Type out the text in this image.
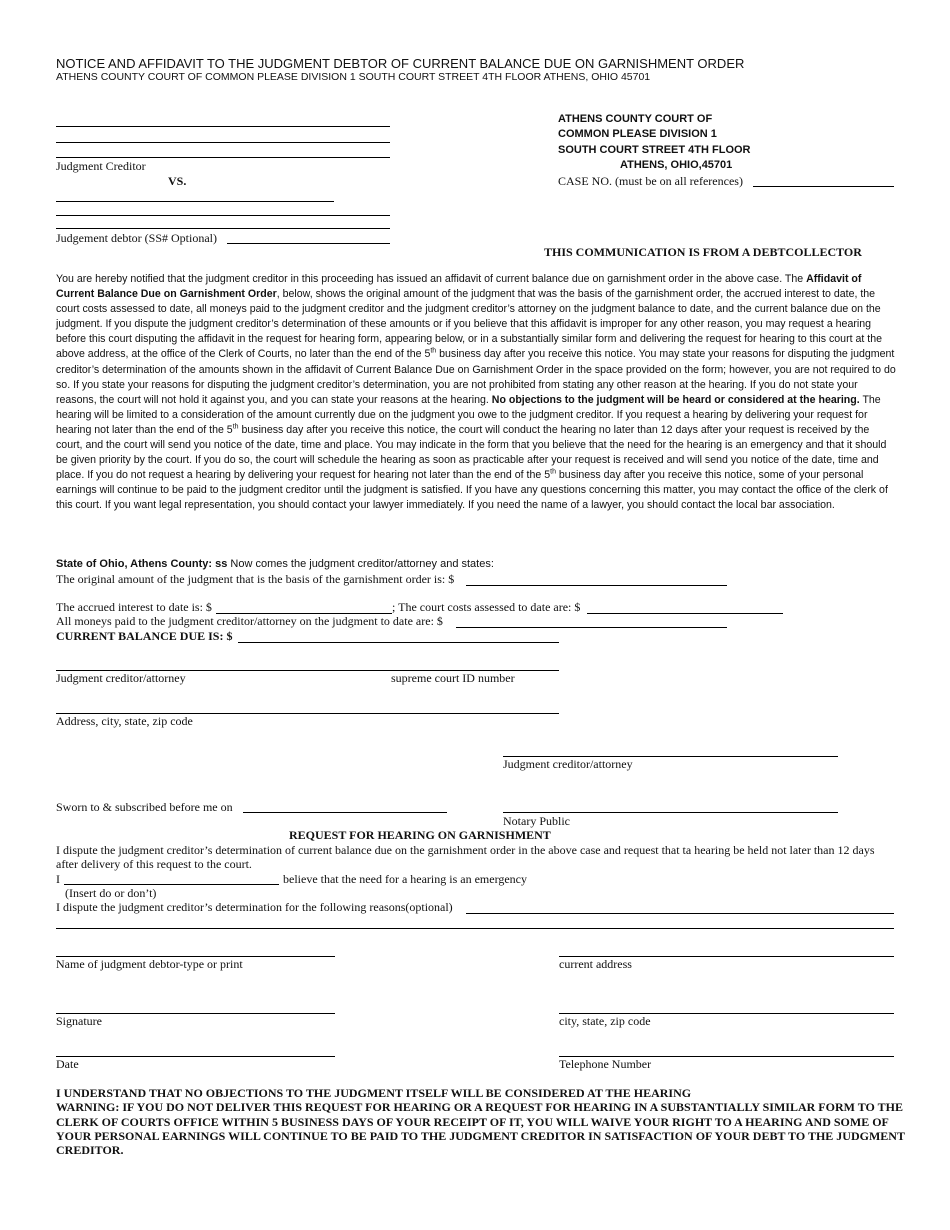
NOTICE AND AFFIDAVIT TO THE JUDGMENT DEBTOR OF CURRENT BALANCE DUE ON GARNISHMENT ORDER
ATHENS COUNTY COURT OF COMMON PLEASE DIVISION 1 SOUTH COURT STREET 4TH FLOOR ATHENS, OHIO 45701
Judgment Creditor
VS.
Judgement debtor (SS# Optional)
ATHENS COUNTY COURT OF
COMMON PLEASE DIVISION 1
SOUTH COURT STREET 4TH FLOOR
ATHENS, OHIO,45701
CASE NO. (must be on all references)
THIS COMMUNICATION IS FROM A DEBTCOLLECTOR
You are hereby notified that the judgment creditor in this proceeding has issued an affidavit of current balance due on garnishment order in the above case. The Affidavit of Current Balance Due on Garnishment Order, below, shows the original amount of the judgment that was the basis of the garnishment order, the accrued interest to date, the court costs assessed to date, all moneys paid to the judgment creditor and the judgment creditor’s attorney on the judgment balance to date, and the current balance due on the judgment. If you dispute the judgment creditor’s determination of these amounts or if you believe that this affidavit is improper for any other reason, you may request a hearing before this court disputing the affidavit in the request for hearing form, appearing below, or in a substantially similar form and delivering the request for hearing to this court at the above address, at the office of the Clerk of Courts, no later than the end of the 5th business day after you receive this notice. You may state your reasons for disputing the judgment creditor’s determination of the amounts shown in the affidavit of Current Balance Due on Garnishment Order in the space provided on the form; however, you are not required to do so. If you state your reasons for disputing the judgment creditor’s determination, you are not prohibited from stating any other reason at the hearing. If you do not state your reasons, the court will not hold it against you, and you can state your reasons at the hearing. No objections to the judgment will be heard or considered at the hearing. The hearing will be limited to a consideration of the amount currently due on the judgment you owe to the judgment creditor. If you request a hearing by delivering your request for hearing not later than the end of the 5th business day after you receive this notice, the court will conduct the hearing no later than 12 days after your request is received by the court, and the court will send you notice of the date, time and place. You may indicate in the form that you believe that the need for the hearing is an emergency and that it should be given priority by the court. If you do so, the court will schedule the hearing as soon as practicable after your request is received and will send you notice of the date, time and place. If you do not request a hearing by delivering your request for hearing not later than the end of the 5th business day after you receive this notice, some of your personal earnings will continue to be paid to the judgment creditor until the judgment is satisfied. If you have any questions concerning this matter, you may contact the office of the clerk of this court. If you want legal representation, you should contact your lawyer immediately. If you need the name of a lawyer, you should contact the local bar association.
State of Ohio, Athens County: ss Now comes the judgment creditor/attorney and states:
The original amount of the judgment that is the basis of the garnishment order is: $
The accrued interest to date is: $	; The court costs assessed to date are: $
All moneys paid to the judgment creditor/attorney on the judgment to date are: $
CURRENT BALANCE DUE IS: $
Judgment creditor/attorney	supreme court ID number
Address, city, state, zip code
Judgment creditor/attorney
Sworn to & subscribed before me on
Notary Public
REQUEST FOR HEARING ON GARNISHMENT
I dispute the judgment creditor’s determination of current balance due on the garnishment order in the above case and request that ta hearing be held not later than 12 days after delivery of this request to the court.
I	believe that the need for a hearing is an emergency
(Insert do or don’t)
I dispute the judgment creditor’s determination for the following reasons(optional)
Name of judgment debtor-type or print	current address
Signature	city, state, zip code
Date	Telephone Number
I UNDERSTAND THAT NO OBJECTIONS TO THE JUDGMENT ITSELF WILL BE CONSIDERED AT THE HEARING
WARNING: IF YOU DO NOT DELIVER THIS REQUEST FOR HEARING OR A REQUEST FOR HEARING IN A SUBSTANTIALLY SIMILAR FORM TO THE CLERK OF COURTS OFFICE WITHIN 5 BUSINESS DAYS OF YOUR RECEIPT OF IT, YOU WILL WAIVE YOUR RIGHT TO A HEARING AND SOME OF YOUR PERSONAL EARNINGS WILL CONTINUE TO BE PAID TO THE JUDGMENT CREDITOR IN SATISFACTION OF YOUR DEBT TO THE JUDGMENT CREDITOR.
